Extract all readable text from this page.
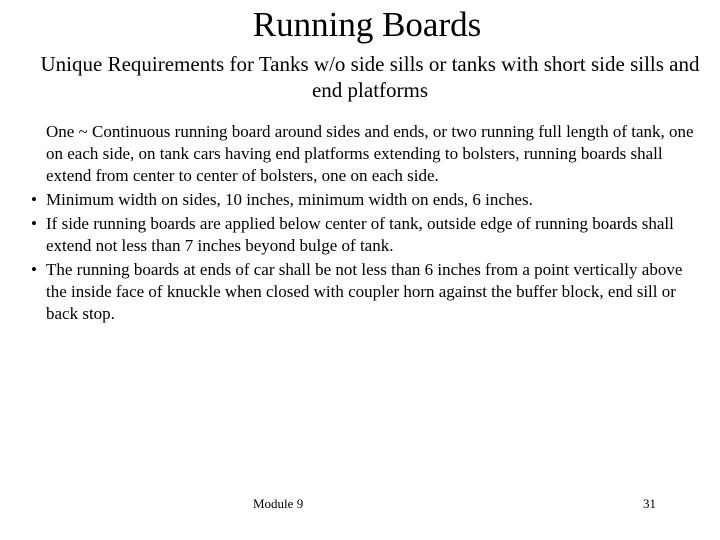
Running Boards
Unique Requirements for Tanks w/o side sills or tanks with short side sills and end platforms
One ~ Continuous running board around sides and ends, or two running full length of tank, one on each side, on tank cars having end platforms extending to bolsters, running boards shall extend from center to center of bolsters, one on each side.
• Minimum width on sides, 10 inches, minimum width on ends, 6 inches.
• If side running boards are applied below center of tank, outside edge of running boards shall extend not less than 7 inches beyond bulge of tank.
• The running boards at ends of car shall be not less than 6 inches from a point vertically above the inside face of knuckle when closed with coupler horn against the buffer block, end sill or back stop.
Module 9	31
